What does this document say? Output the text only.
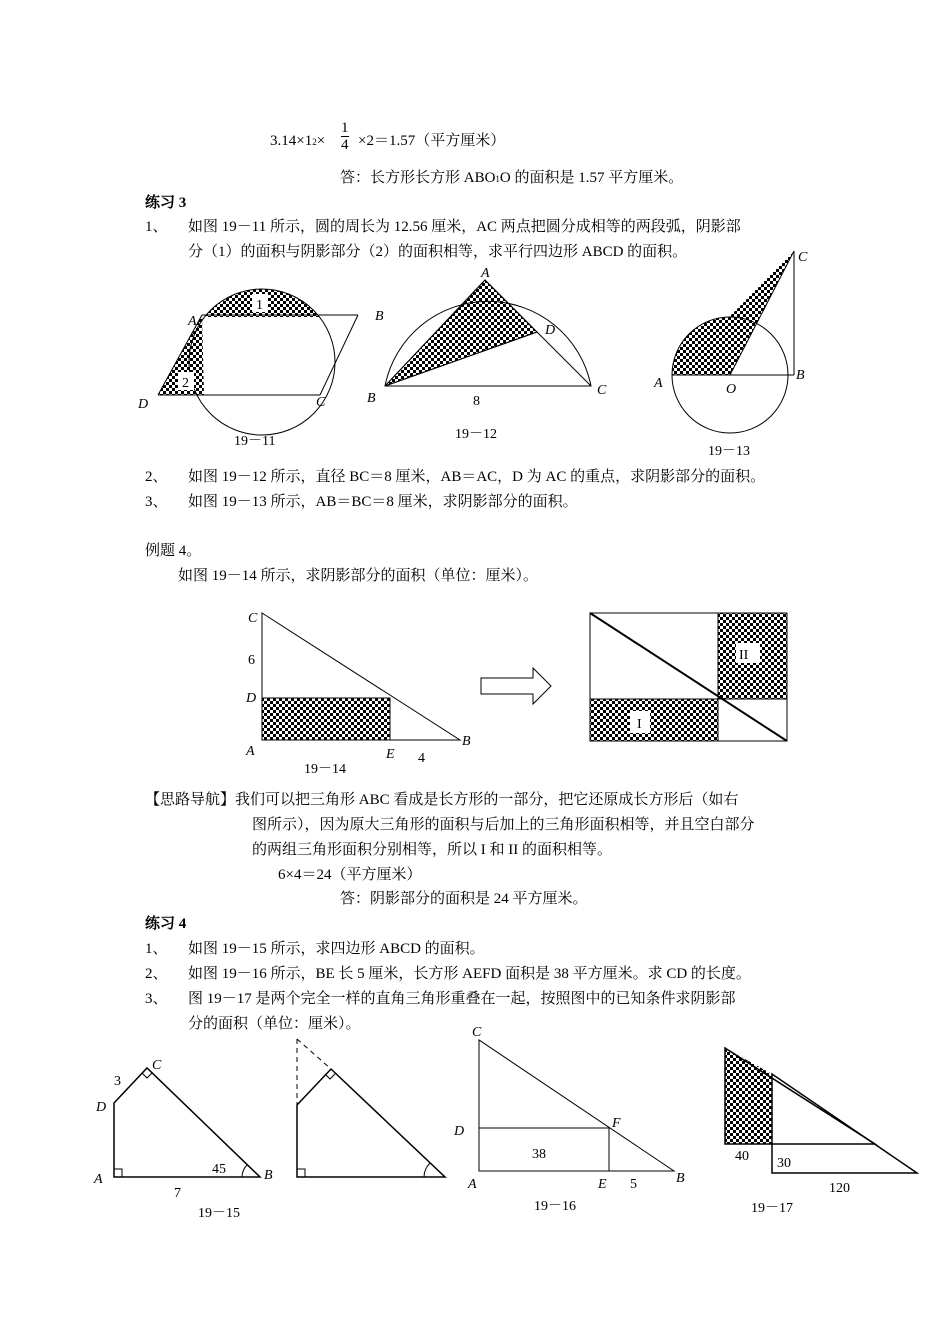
$3.14\times 12\times \frac{1}{4} \times 2=1.57$（平方厘米）
答：长方形长方形 ABO1O 的面积是 1.57 平方厘米。
练习 3
1、 如图 19－11 所示，圆的周长为 12.56 厘米，AC 两点把圆分成相等的两段弧，阴影部
分（1）的面积与阴影部分（2）的面积相等，求平行四边形 ABCD 的面积。
1
2
A	B
C
D
19－11
A
B
C
D
8
19－12
A
B
C
O
19－13
2、 如图 19－12 所示，直径 BC＝8 厘米，AB＝AC，D 为 AC 的重点，求阴影部分的面积。
3、 如图 19－13 所示，AB＝BC＝8 厘米，求阴影部分的面积。
例题 4。
如图 19－14 所示，求阴影部分的面积（单位：厘米）。
C
6
D
A	E 4
B
19－14
II
I
【思路导航】我们可以把三角形 ABC 看成是长方形的一部分，把它还原成长方形后（如右
图所示），因为原大三角形的面积与后加上的三角形面积相等，并且空白部分
的两组三角形面积分别相等，所以 I 和 II 的面积相等。
6×4＝24（平方厘米）
答：阴影部分的面积是 24 平方厘米。
练习 4
1、 如图 19－15 所示，求四边形 ABCD 的面积。
2、 如图 19－16 所示，BE 长 5 厘米，长方形 AEFD 面积是 38 平方厘米。求 CD 的长度。
3、 图 19－17 是两个完全一样的直角三角形重叠在一起，按照图中的已知条件求阴影部
分的面积（单位：厘米）。
C
3
D
A
45	B
7
19－15
C
D
F
38
A	E 5	B
19－16
40 30
120
19－17
